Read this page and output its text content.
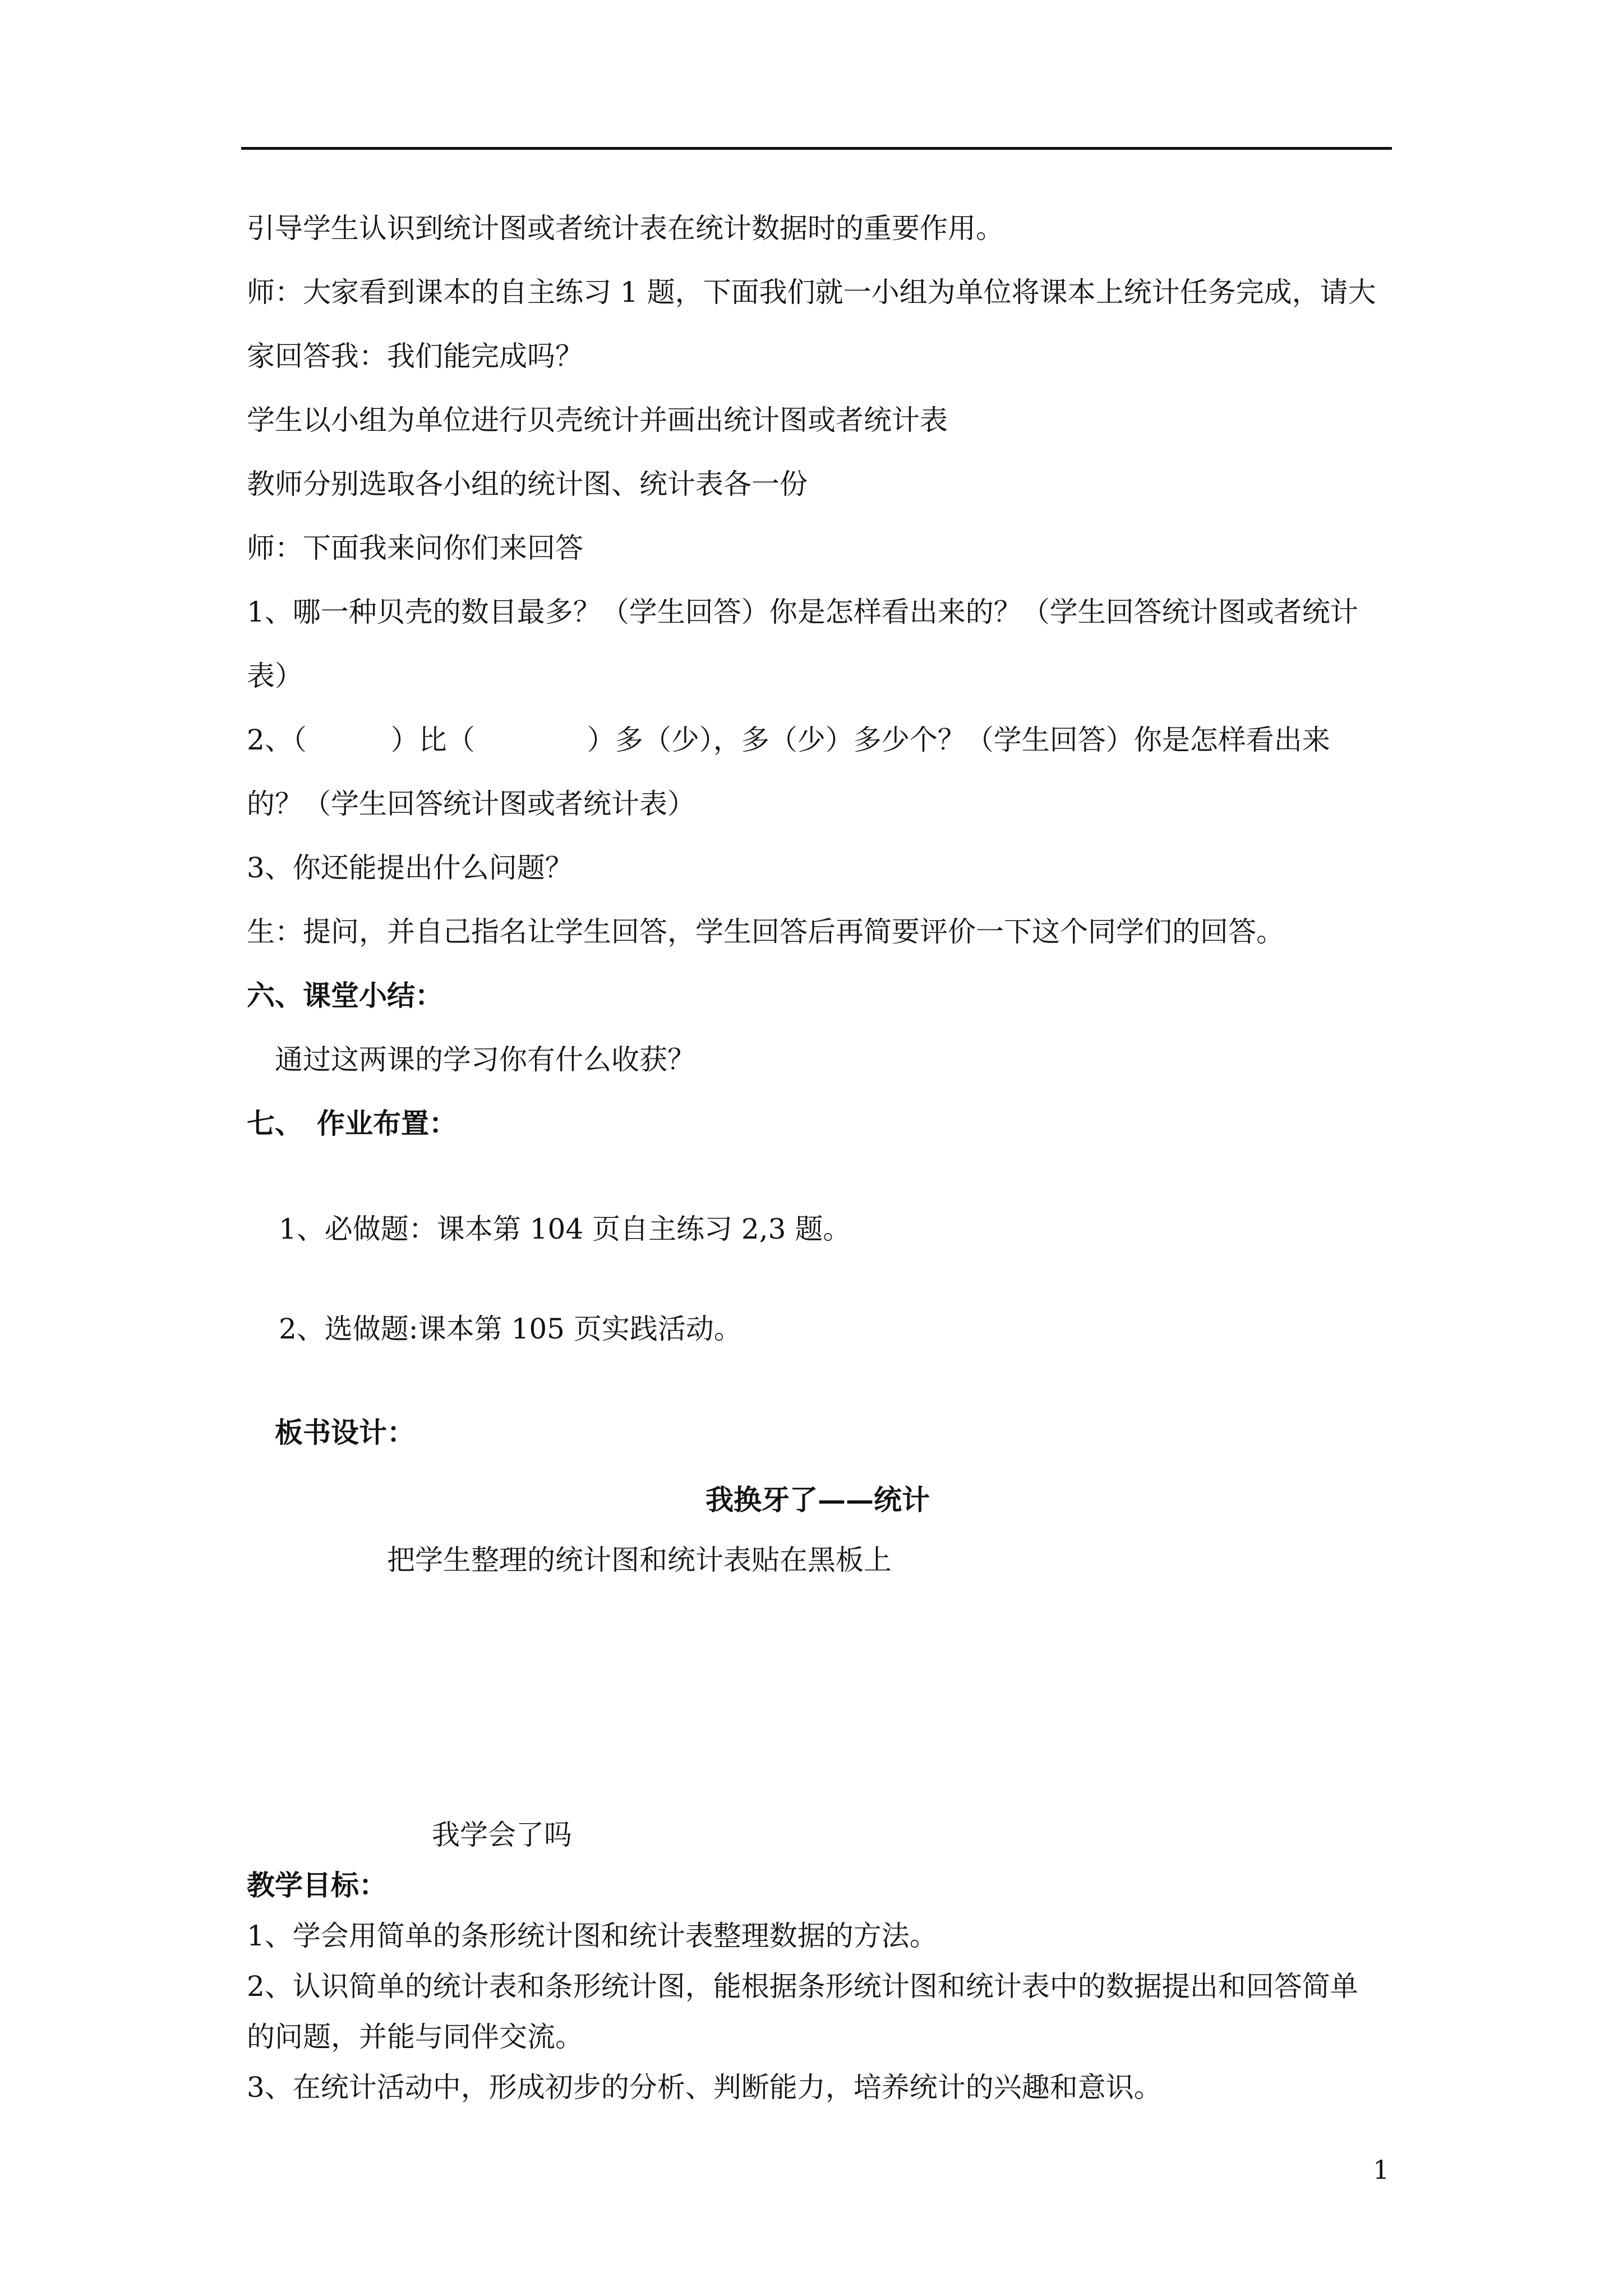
引导学生认识到统计图或者统计表在统计数据时的重要作用。
师：大家看到课本的自主练习 1 题，下面我们就一小组为单位将课本上统计任务完成，请大
家回答我：我们能完成吗？
学生以小组为单位进行贝壳统计并画出统计图或者统计表
教师分别选取各小组的统计图、统计表各一份
师：下面我来问你们来回答
1、哪一种贝壳的数目最多？（学生回答）你是怎样看出来的？（学生回答统计图或者统计
表）
2、（　　　）比（　　　　）多（少），多（少）多少个？（学生回答）你是怎样看出来
的？（学生回答统计图或者统计表）
3、你还能提出什么问题？
生：提问，并自己指名让学生回答，学生回答后再简要评价一下这个同学们的回答。
六、课堂小结：
通过这两课的学习你有什么收获？
七、　作业布置：
1、必做题：课本第 104 页自主练习 2,3 题。
2、选做题:课本第 105 页实践活动。
板书设计：
我换牙了——统计
把学生整理的统计图和统计表贴在黑板上
我学会了吗
教学目标：
1、学会用简单的条形统计图和统计表整理数据的方法。
2、认识简单的统计表和条形统计图，能根据条形统计图和统计表中的数据提出和回答简单
的问题，并能与同伴交流。
3、在统计活动中，形成初步的分析、判断能力，培养统计的兴趣和意识。
1
